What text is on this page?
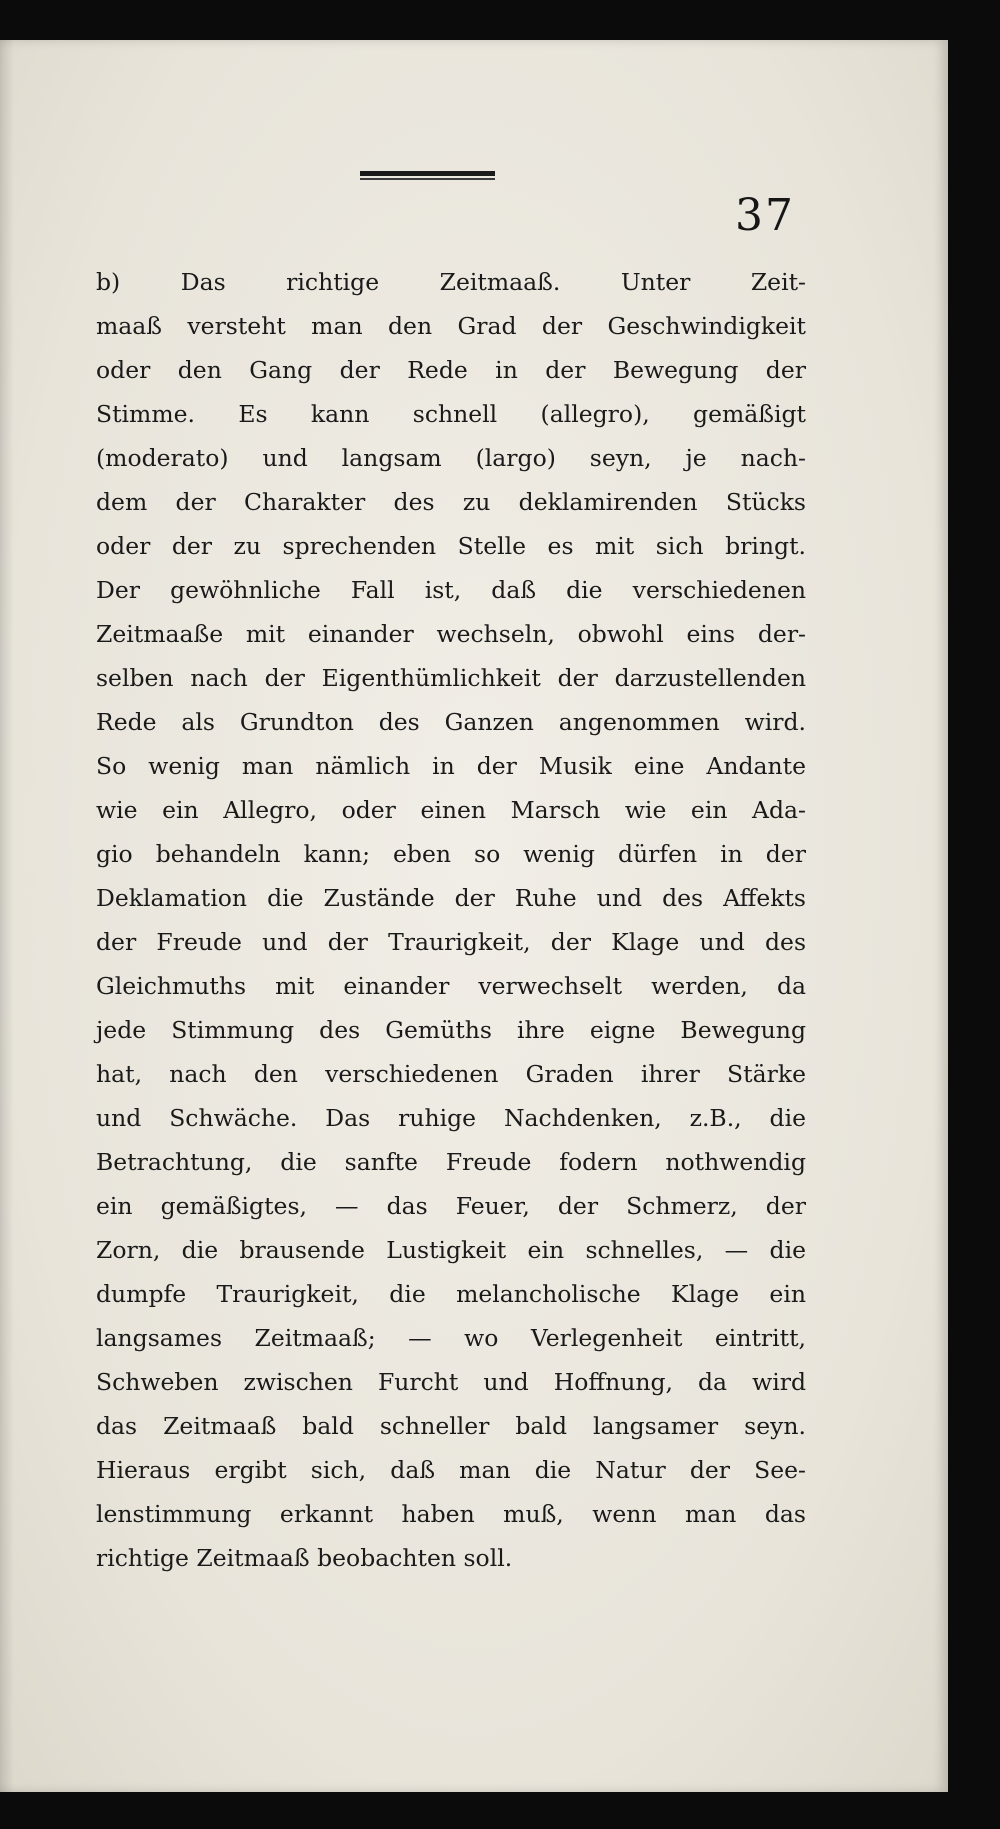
37
b) Das richtige Zeitmaaß. Unter Zeit-
maaß versteht man den Grad der Geschwindigkeit
oder den Gang der Rede in der Bewegung der
Stimme. Es kann schnell (allegro), gemäßigt
(moderato) und langsam (largo) seyn, je nach-
dem der Charakter des zu deklamirenden Stücks
oder der zu sprechenden Stelle es mit sich bringt.
Der gewöhnliche Fall ist, daß die verschiedenen
Zeitmaaße mit einander wechseln, obwohl eins der-
selben nach der Eigenthümlichkeit der darzustellenden
Rede als Grundton des Ganzen angenommen wird.
So wenig man nämlich in der Musik eine Andante
wie ein Allegro, oder einen Marsch wie ein Ada-
gio behandeln kann; eben so wenig dürfen in der
Deklamation die Zustände der Ruhe und des Affekts
der Freude und der Traurigkeit, der Klage und des
Gleichmuths mit einander verwechselt werden, da
jede Stimmung des Gemüths ihre eigne Bewegung
hat, nach den verschiedenen Graden ihrer Stärke
und Schwäche. Das ruhige Nachdenken, z.B., die
Betrachtung, die sanfte Freude fodern nothwendig
ein gemäßigtes, — das Feuer, der Schmerz, der
Zorn, die brausende Lustigkeit ein schnelles, — die
dumpfe Traurigkeit, die melancholische Klage ein
langsames Zeitmaaß; — wo Verlegenheit eintritt,
Schweben zwischen Furcht und Hoffnung, da wird
das Zeitmaaß bald schneller bald langsamer seyn.
Hieraus ergibt sich, daß man die Natur der See-
lenstimmung erkannt haben muß, wenn man das
richtige Zeitmaaß beobachten soll.
